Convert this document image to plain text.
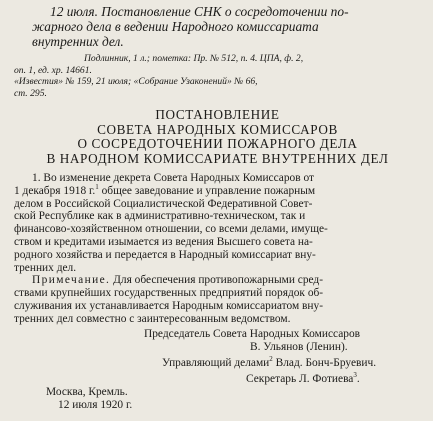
12 июля. Постановление СНК о сосредоточении по-
жарного дела в ведении Народного комиссариата
внутренних дел.
Подлинник, 1 л.; пометка: Пр. № 512, п. 4. ЦПА, ф. 2,
оп. 1, ед. хр. 14661.
«Известия» № 159, 21 июля; «Собрание Узаконений» № 66,
ст. 295.
ПОСТАНОВЛЕНИЕ
СОВЕТА НАРОДНЫХ КОМИССАРОВ
О СОСРЕДОТОЧЕНИИ ПОЖАРНОГО ДЕЛА
В НАРОДНОМ КОМИССАРИАТЕ ВНУТРЕННИХ ДЕЛ
1. Во изменение декрета Совета Народных Комиссаров от
1 декабря 1918 г.$^1$ общее заведование и управление пожарным
делом в Российской Социалистической Федеративной Совет-
ской Республике как в административно-техническом, так и
финансово-хозяйственном отношении, со всеми делами, имуще-
ством и кредитами изымается из ведения Высшего совета на-
родного хозяйства и передается в Народный комиссариат вну-
тренних дел.
Примечание. Для обеспечения противопожарными сред-
ствами крупнейших государственных предприятий порядок об-
служивания их устанавливается Народным комиссариатом вну-
тренних дел совместно с заинтересованным ведомством.
Председатель Совета Народных Комиссаров
В. Ульянов (Ленин).
Управляющий делами$^2$ Влад. Бонч-Бруевич.
Секретарь Л. Фотиева$^3$.
Москва, Кремль.
12 июля 1920 г.
